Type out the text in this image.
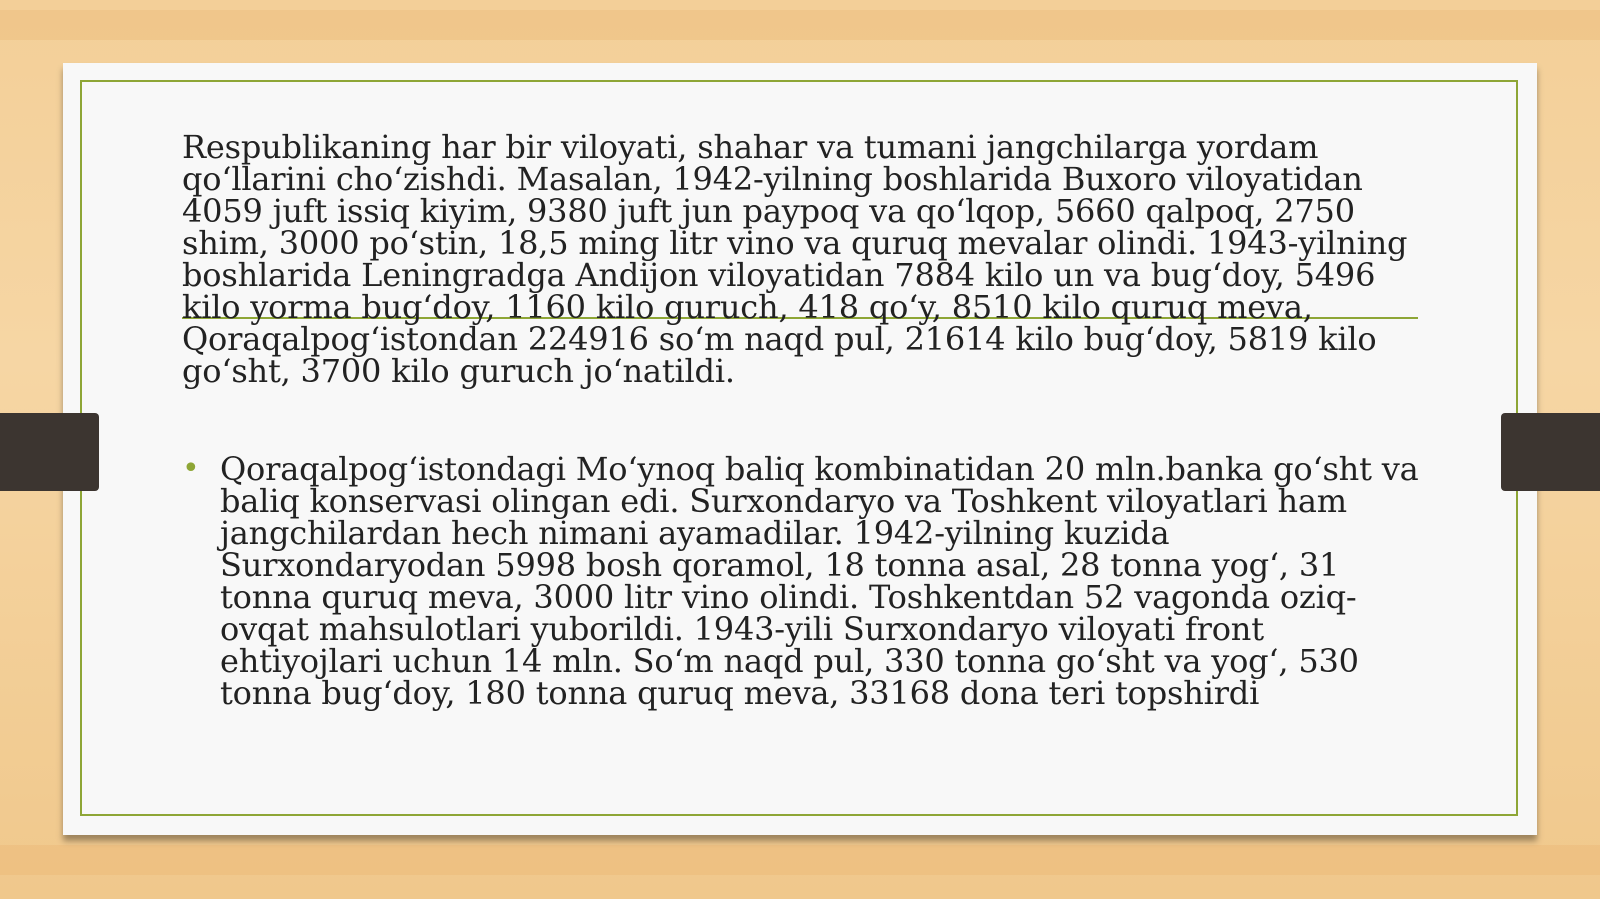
Respublikaning har bir viloyati, shahar va tumani jangchilarga yordam qo‘llarini cho‘zishdi. Masalan, 1942-yilning boshlarida Buxoro viloyatidan 4059 juft issiq kiyim, 9380 juft jun paypoq va qo‘lqop, 5660 qalpoq, 2750 shim, 3000 po‘stin, 18,5 ming litr vino va quruq mevalar olindi. 1943-yilning boshlarida Leningradga Andijon viloyatidan 7884 kilo un va bug‘doy, 5496 kilo yorma bug‘doy, 1160 kilo guruch, 418 qo‘y, 8510 kilo quruq meva, Qoraqalpog‘istondan 224916 so‘m naqd pul, 21614 kilo bug‘doy, 5819 kilo go‘sht, 3700 kilo guruch jo‘natildi.

• Qoraqalpog‘istondagi Mo‘ynoq baliq kombinatidan 20 mln.banka go‘sht va baliq konservasi olingan edi. Surxondaryo va Toshkent viloyatlari ham jangchilardan hech nimani ayamadilar. 1942-yilning kuzida Surxondaryodan 5998 bosh qoramol, 18 tonna asal, 28 tonna yog‘, 31 tonna quruq meva, 3000 litr vino olindi. Toshkentdan 52 vagonda oziq-ovqat mahsulotlari yuborildi. 1943-yili Surxondaryo viloyati front ehtiyojlari uchun 14 mln. So‘m naqd pul, 330 tonna go‘sht va yog‘, 530 tonna bug‘doy, 180 tonna quruq meva, 33168 dona teri topshirdi
